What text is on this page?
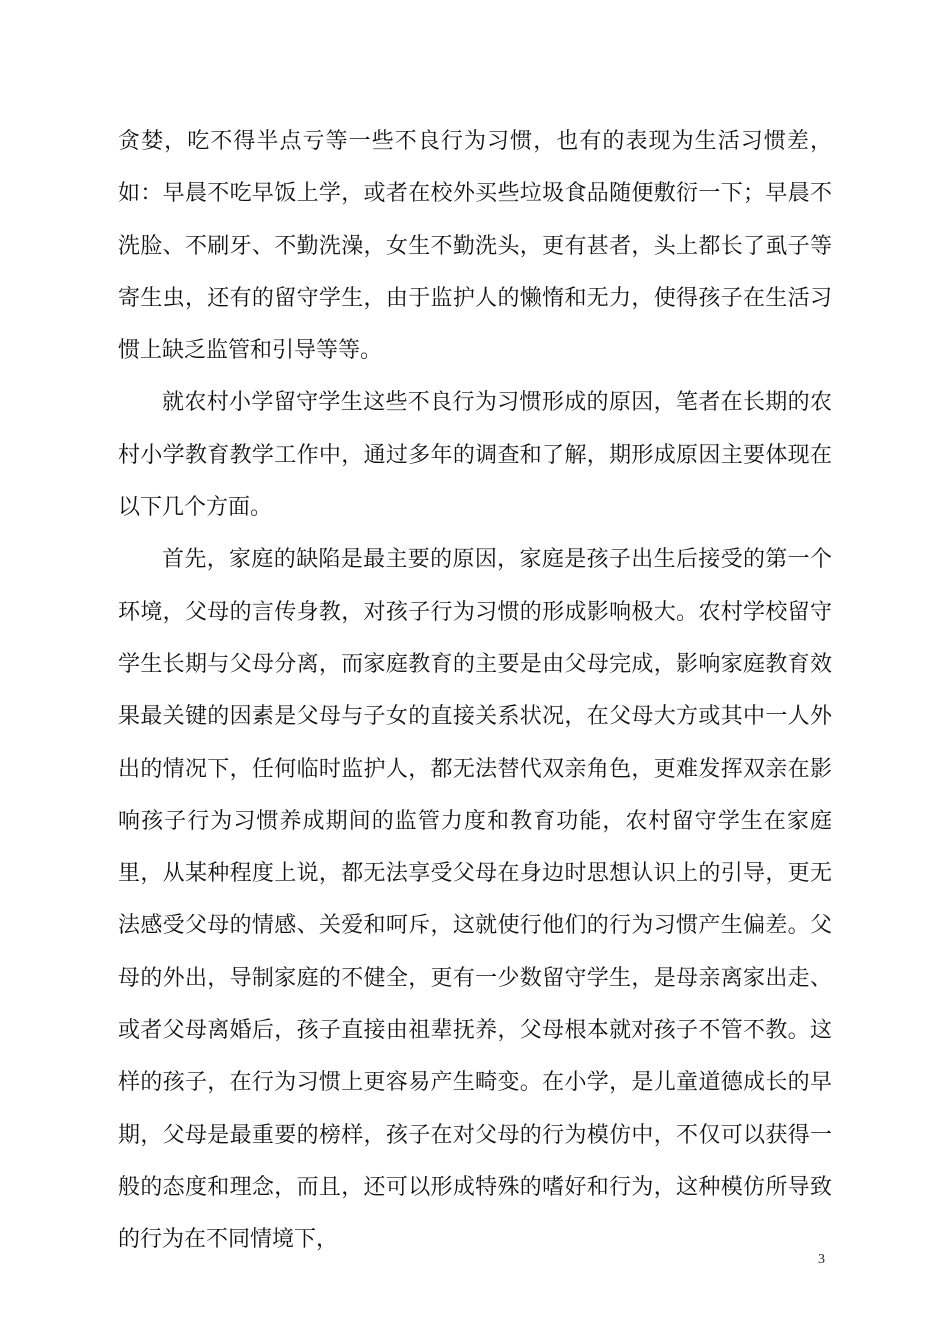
贪婪，吃不得半点亏等一些不良行为习惯，也有的表现为生活习惯差，如：早晨不吃早饭上学，或者在校外买些垃圾食品随便敷衍一下；早晨不洗脸、不刷牙、不勤洗澡，女生不勤洗头，更有甚者，头上都长了虱子等寄生虫，还有的留守学生，由于监护人的懒惰和无力，使得孩子在生活习惯上缺乏监管和引导等等。

就农村小学留守学生这些不良行为习惯形成的原因，笔者在长期的农村小学教育教学工作中，通过多年的调查和了解，期形成原因主要体现在以下几个方面。

首先，家庭的缺陷是最主要的原因，家庭是孩子出生后接受的第一个环境，父母的言传身教，对孩子行为习惯的形成影响极大。农村学校留守学生长期与父母分离，而家庭教育的主要是由父母完成，影响家庭教育效果最关键的因素是父母与子女的直接关系状况，在父母大方或其中一人外出的情况下，任何临时监护人，都无法替代双亲角色，更难发挥双亲在影响孩子行为习惯养成期间的监管力度和教育功能，农村留守学生在家庭里，从某种程度上说，都无法享受父母在身边时思想认识上的引导，更无法感受父母的情感、关爱和呵斥，这就使行他们的行为习惯产生偏差。父母的外出，导制家庭的不健全，更有一少数留守学生，是母亲离家出走、或者父母离婚后，孩子直接由祖辈抚养，父母根本就对孩子不管不教。这样的孩子，在行为习惯上更容易产生畸变。在小学，是儿童道德成长的早期，父母是最重要的榜样，孩子在对父母的行为模仿中，不仅可以获得一般的态度和理念，而且，还可以形成特殊的嗜好和行为，这种模仿所导致的行为在不同情境下，

3
